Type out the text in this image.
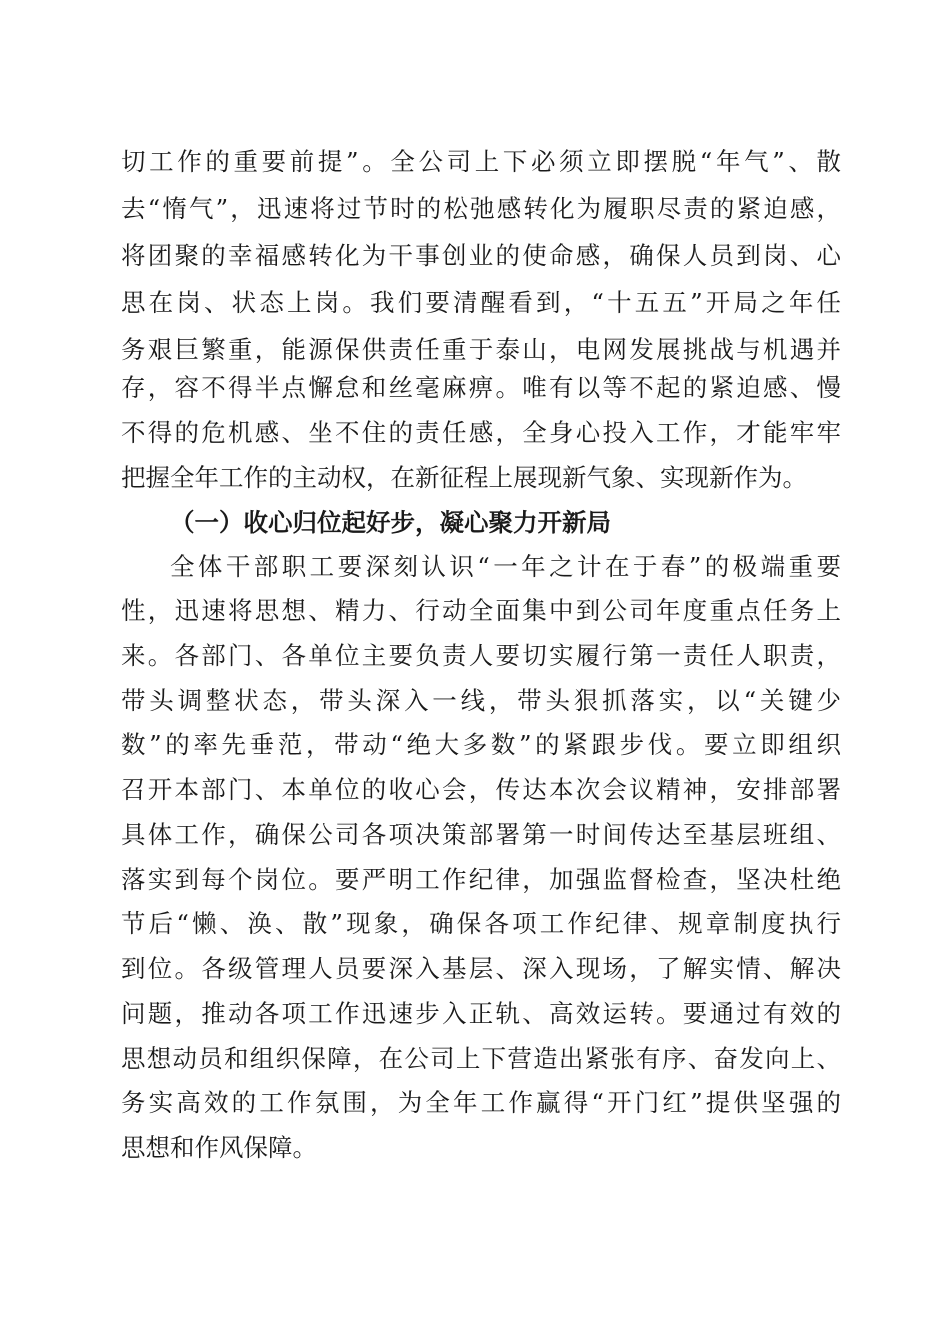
切工作的重要前提”。全公司上下必须立即摆脱“年气”、散
去“惰气”，迅速将过节时的松弛感转化为履职尽责的紧迫感，
将团聚的幸福感转化为干事创业的使命感，确保人员到岗、心
思在岗、状态上岗。我们要清醒看到，“十五五”开局之年任
务艰巨繁重，能源保供责任重于泰山，电网发展挑战与机遇并
存，容不得半点懈怠和丝毫麻痹。唯有以等不起的紧迫感、慢
不得的危机感、坐不住的责任感，全身心投入工作，才能牢牢
把握全年工作的主动权，在新征程上展现新气象、实现新作为。
（一）收心归位起好步，凝心聚力开新局
全体干部职工要深刻认识“一年之计在于春”的极端重要
性，迅速将思想、精力、行动全面集中到公司年度重点任务上
来。各部门、各单位主要负责人要切实履行第一责任人职责，
带头调整状态，带头深入一线，带头狠抓落实，以“关键少
数”的率先垂范，带动“绝大多数”的紧跟步伐。要立即组织
召开本部门、本单位的收心会，传达本次会议精神，安排部署
具体工作，确保公司各项决策部署第一时间传达至基层班组、
落实到每个岗位。要严明工作纪律，加强监督检查，坚决杜绝
节后“懒、涣、散”现象，确保各项工作纪律、规章制度执行
到位。各级管理人员要深入基层、深入现场，了解实情、解决
问题，推动各项工作迅速步入正轨、高效运转。要通过有效的
思想动员和组织保障，在公司上下营造出紧张有序、奋发向上、
务实高效的工作氛围，为全年工作赢得“开门红”提供坚强的
思想和作风保障。
